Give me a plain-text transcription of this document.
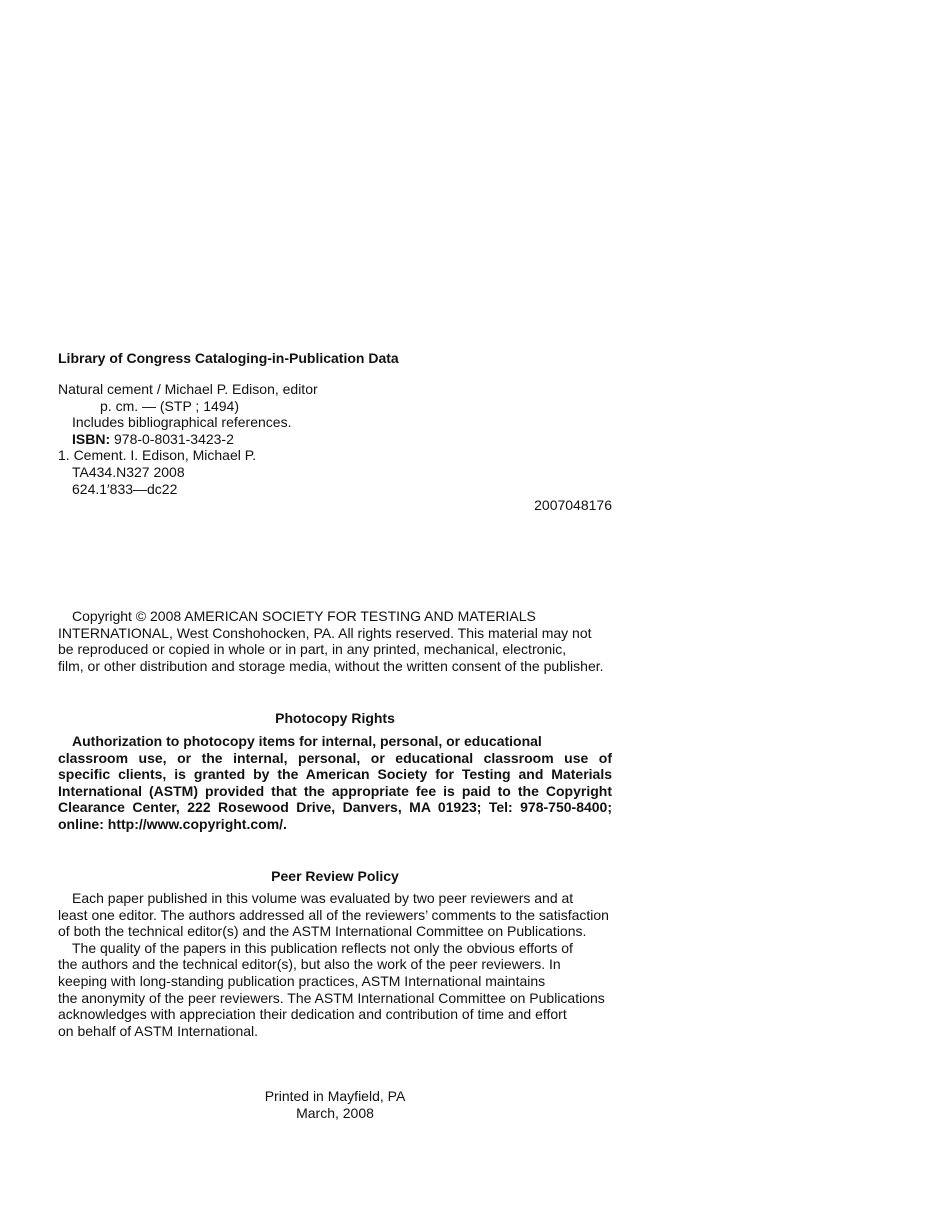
Library of Congress Cataloging-in-Publication Data
Natural cement / Michael P. Edison, editor
p. cm. — (STP ; 1494)
Includes bibliographical references.
ISBN: 978-0-8031-3423-2
1. Cement. I. Edison, Michael P.
TA434.N327 2008
624.1′833—dc22
2007048176
Copyright © 2008 AMERICAN SOCIETY FOR TESTING AND MATERIALS
INTERNATIONAL, West Conshohocken, PA. All rights reserved. This material may not
be reproduced or copied in whole or in part, in any printed, mechanical, electronic,
film, or other distribution and storage media, without the written consent of the publisher.
Photocopy Rights
Authorization to photocopy items for internal, personal, or educational
classroom use, or the internal, personal, or educational classroom use of
specific clients, is granted by the American Society for Testing and Materials
International (ASTM) provided that the appropriate fee is paid to the Copyright
Clearance Center, 222 Rosewood Drive, Danvers, MA 01923; Tel: 978-750-8400;
online: http://www.copyright.com/.
Peer Review Policy
Each paper published in this volume was evaluated by two peer reviewers and at
least one editor. The authors addressed all of the reviewers’ comments to the satisfaction
of both the technical editor(s) and the ASTM International Committee on Publications.
The quality of the papers in this publication reflects not only the obvious efforts of
the authors and the technical editor(s), but also the work of the peer reviewers. In
keeping with long-standing publication practices, ASTM International maintains
the anonymity of the peer reviewers. The ASTM International Committee on Publications
acknowledges with appreciation their dedication and contribution of time and effort
on behalf of ASTM International.
Printed in Mayfield, PA
March, 2008
